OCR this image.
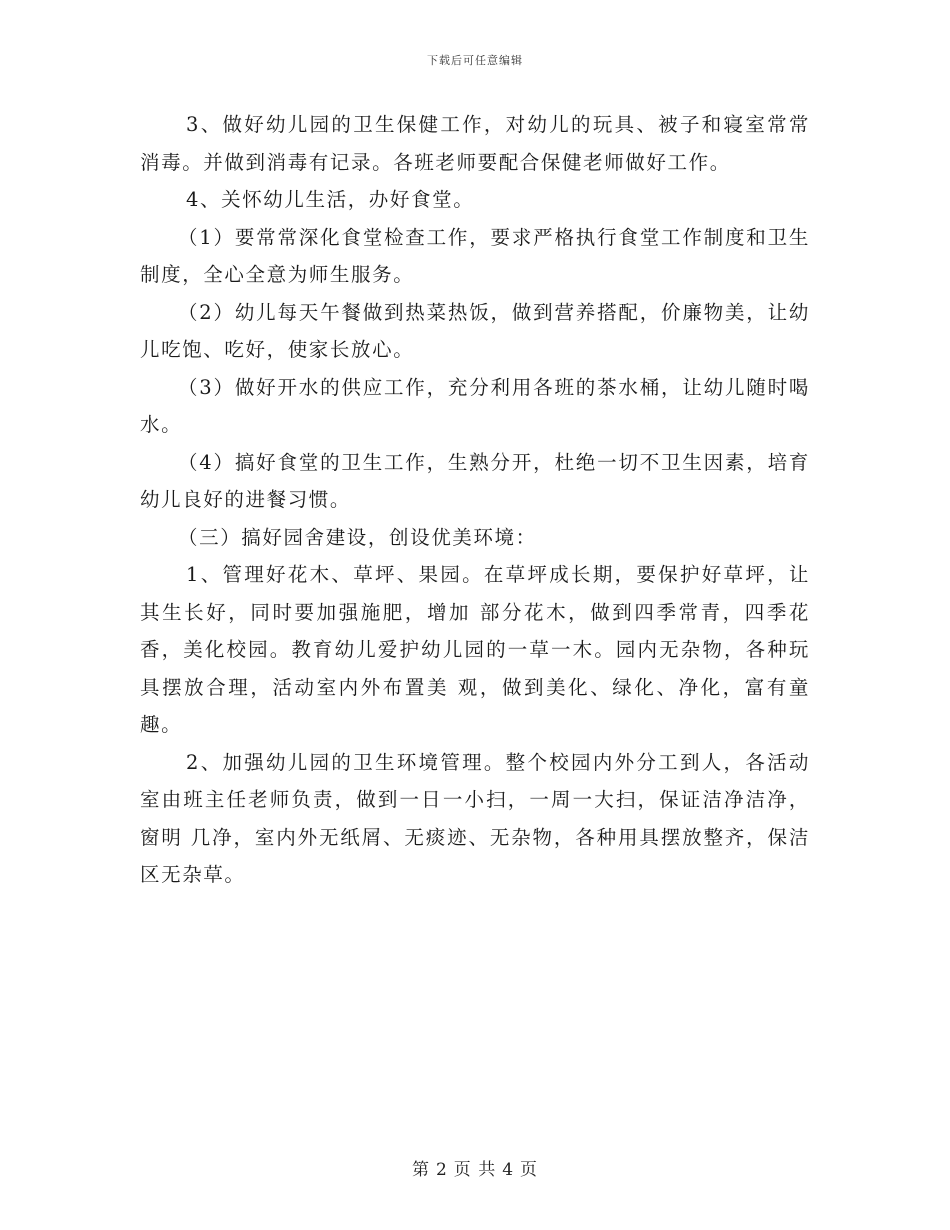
下载后可任意编辑

3、做好幼儿园的卫生保健工作，对幼儿的玩具、被子和寝室常常消毒。并做到消毒有记录。各班老师要配合保健老师做好工作。

4、关怀幼儿生活，办好食堂。

（1）要常常深化食堂检查工作，要求严格执行食堂工作制度和卫生制度，全心全意为师生服务。

（2）幼儿每天午餐做到热菜热饭，做到营养搭配，价廉物美，让幼儿吃饱、吃好，使家长放心。

（3）做好开水的供应工作，充分利用各班的茶水桶，让幼儿随时喝水。

（4）搞好食堂的卫生工作，生熟分开，杜绝一切不卫生因素，培育幼儿良好的进餐习惯。

（三）搞好园舍建设，创设优美环境：

1、管理好花木、草坪、果园。在草坪成长期，要保护好草坪，让其生长好，同时要加强施肥，增加 部分花木，做到四季常青，四季花香，美化校园。教育幼儿爱护幼儿园的一草一木。园内无杂物，各种玩具摆放合理，活动室内外布置美 观，做到美化、绿化、净化，富有童趣。

2、加强幼儿园的卫生环境管理。整个校园内外分工到人，各活动室由班主任老师负责，做到一日一小扫，一周一大扫，保证洁净洁净，窗明 几净，室内外无纸屑、无痰迹、无杂物，各种用具摆放整齐，保洁区无杂草。

第 2 页 共 4 页
